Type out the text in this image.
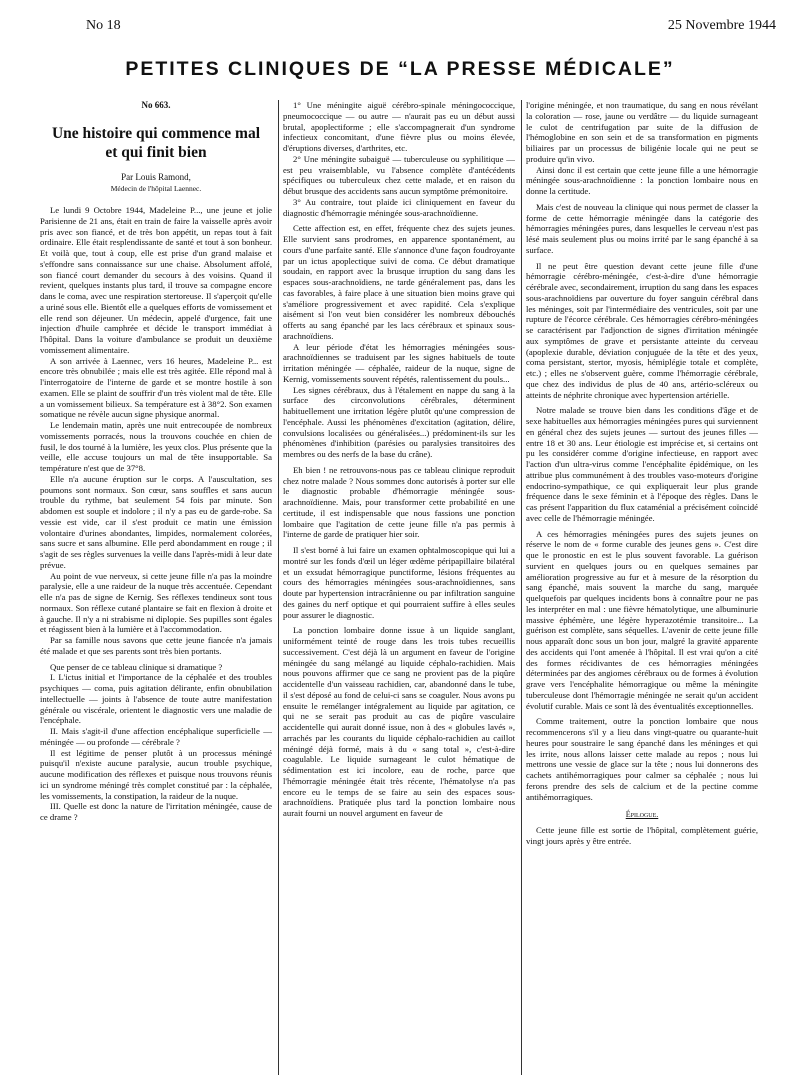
No 18	25 Novembre 1944
PETITES CLINIQUES DE “LA PRESSE MÉDICALE”
No 663.
Une histoire qui commence mal
et qui finit bien
Par Louis Ramond,
Médecin de l'hôpital Laennec.

Le lundi 9 Octobre 1944, Madeleine P..., une jeune et jolie Parisienne de 21 ans, était en train de faire la vaisselle après avoir pris avec son fiancé, et de très bon appétit, un repas tout à fait ordinaire. Elle était resplendissante de santé et tout à son bonheur. Et voilà que, tout à coup, elle est prise d'un grand malaise et s'effondre sans connaissance sur une chaise. Absolument affolé, son fiancé court demander du secours à des voisins. Quand il revient, quelques instants plus tard, il trouve sa compagne encore dans le coma, avec une respiration stertoreuse. Il s'aperçoit qu'elle a uriné sous elle. Bientôt elle a quelques efforts de vomissement et elle rend son déjeuner. Un médecin, appelé d'urgence, fait une injection d'huile camphrée et décide le transport immédiat à l'hôpital. Dans la voiture d'ambulance se produit un deuxième vomissement alimentaire.

A son arrivée à Laennec, vers 16 heures, Madeleine P... est encore très obnubilée ; mais elle est très agitée. Elle répond mal à l'interrogatoire de l'interne de garde et se montre hostile à son examen. Elle se plaint de souffrir d'un très violent mal de tête. Elle a un vomissement bilieux. Sa température est à 38°2. Son examen somatique ne révèle aucun signe physique anormal.

Le lendemain matin, après une nuit entrecoupée de nombreux vomissements porracés, nous la trouvons couchée en chien de fusil, le dos tourné à la lumière, les yeux clos. Plus présente que la veille, elle accuse toujours un mal de tête insupportable. Sa température n'est que de 37°8.

Elle n'a aucune éruption sur le corps. A l'auscultation, ses poumons sont normaux. Son cœur, sans souffles et sans aucun trouble du rythme, bat seulement 54 fois par minute. Son abdomen est souple et indolore ; il n'y a pas eu de garde-robe. Sa vessie est vide, car il s'est produit ce matin une émission volontaire d'urines abondantes, limpides, normalement colorées, sans sucre et sans albumine. Elle perd abondamment en rouge ; il s'agit de ses règles survenues la veille dans l'après-midi à leur date prévue.

Au point de vue nerveux, si cette jeune fille n'a pas la moindre paralysie, elle a une raideur de la nuque très accentuée. Cependant elle n'a pas de signe de Kernig. Ses réflexes tendineux sont tous normaux. Son réflexe cutané plantaire se fait en flexion à droite et à gauche. Il n'y a ni strabisme ni diplopie. Ses pupilles sont égales et réagissent bien à la lumière et à l'accommodation.

Par sa famille nous savons que cette jeune fiancée n'a jamais été malade et que ses parents sont très bien portants.

Que penser de ce tableau clinique si dramatique ?

I. L'ictus initial et l'importance de la céphalée et des troubles psychiques — coma, puis agitation délirante, enfin obnubilation intellectuelle — joints à l'absence de toute autre manifestation générale ou viscérale, orientent le diagnostic vers une maladie de l'encéphale.

II. Mais s'agit-il d'une affection encéphalique superficielle — méningée — ou profonde — cérébrale ?

Il est légitime de penser plutôt à un processus méningé puisqu'il n'existe aucune paralysie, aucun trouble psychique, aucune modification des réflexes et puisque nous trouvons réunis ici un syndrome méningé très complet constitué par : la céphalée, les vomissements, la constipation, la raideur de la nuque.

III. Quelle est donc la nature de l'irritation méningée, cause de ce drame ?

1° Une méningite aiguë cérébro-spinale méningococcique, pneumococcique — ou autre — n'aurait pas eu un début aussi brutal, apoplectiforme ; elle s'accompagnerait d'un syndrome infectieux concomitant, d'une fièvre plus ou moins élevée, d'éruptions diverses, d'arthrites, etc.

2° Une méningite subaiguë — tuberculeuse ou syphilitique — est peu vraisemblable, vu l'absence complète d'antécédents spécifiques ou tuberculeux chez cette malade, et en raison du début brusque des accidents sans aucun symptôme prémonitoire.

3° Au contraire, tout plaide ici cliniquement en faveur du diagnostic d'hémorragie méningée sous-arachnoïdienne.

Cette affection est, en effet, fréquente chez des sujets jeunes. Elle survient sans prodromes, en apparence spontanément, au cours d'une parfaite santé. Elle s'annonce d'une façon foudroyante par un ictus apoplectique suivi de coma. Ce début dramatique soudain, en rapport avec la brusque irruption du sang dans les espaces sous-arachnoïdiens, ne tarde généralement pas, dans les cas favorables, à faire place à une situation bien moins grave qui s'améliore progressivement et avec rapidité. Cela s'explique aisément si l'on veut bien considérer les nombreux débouchés offerts au sang épanché par les lacs cérébraux et spinaux sous-arachnoïdiens.

A leur période d'état les hémorragies méningées sous-arachnoïdiennes se traduisent par les signes habituels de toute irritation méningée — céphalée, raideur de la nuque, signe de Kernig, vomissements souvent répétés, ralentissement du pouls...

Les signes cérébraux, dus à l'étalement en nappe du sang à la surface des circonvolutions cérébrales, déterminent habituellement une irritation légère plutôt qu'une compression de l'encéphale. Aussi les phénomènes d'excitation (agitation, délire, convulsions localisées ou généralisées...) prédominent-ils sur les phénomènes d'inhibition (parésies ou paralysies transitoires des membres ou des nerfs de la base du crâne).

Eh bien ! ne retrouvons-nous pas ce tableau clinique reproduit chez notre malade ? Nous sommes donc autorisés à porter sur elle le diagnostic probable d'hémorragie méningée sous-arachnoïdienne. Mais, pour transformer cette probabilité en une certitude, il est indispensable que nous fassions une ponction lombaire que l'agitation de cette jeune fille n'a pas permis à l'interne de garde de pratiquer hier soir.

Il s'est borné à lui faire un examen ophtalmoscopique qui lui a montré sur les fonds d'œil un léger œdème péripapillaire bilatéral et un exsudat hémorragique punctiforme, lésions fréquentes au cours des hémorragies méningées sous-arachnoïdiennes, sans doute par hypertension intracrânienne ou par infiltration sanguine des gaines du nerf optique et qui pourraient suffire à elles seules pour assurer le diagnostic.

La ponction lombaire donne issue à un liquide sanglant, uniformément teinté de rouge dans les trois tubes recueillis successivement. C'est déjà là un argument en faveur de l'origine méningée du sang mélangé au liquide céphalo-rachidien. Mais nous pouvons affirmer que ce sang ne provient pas de la piqûre accidentelle d'un vaisseau rachidien, car, abandonné dans le tube, il s'est déposé au fond de celui-ci sans se coaguler. Nous avons pu ensuite le remélanger intégralement au liquide par agitation, ce qui ne se serait pas produit au cas de piqûre vasculaire accidentelle qui aurait donné issue, non à des « globules lavés », arrachés par les courants du liquide céphalo-rachidien au caillot méningé déjà formé, mais à du « sang total », c'est-à-dire coagulable. Le liquide surnageant le culot hématique de sédimentation est ici incolore, eau de roche, parce que l'hémorragie méningée était très récente, l'hématolyse n'a pas encore eu le temps de se faire au sein des espaces sous-arachnoïdiens. Pratiquée plus tard la ponction lombaire nous aurait fourni un nouvel argument en faveur de

l'origine méningée, et non traumatique, du sang en nous révélant la coloration — rose, jaune ou verdâtre — du liquide surnageant le culot de centrifugation par suite de la diffusion de l'hémoglobine en son sein et de sa transformation en pigments biliaires par un processus de biligénie locale qui ne peut se produire qu'in vivo.

Ainsi donc il est certain que cette jeune fille a une hémorragie méningée sous-arachnoïdienne : la ponction lombaire nous en donne la certitude.

Mais c'est de nouveau la clinique qui nous permet de classer la forme de cette hémorragie méningée dans la catégorie des hémorragies méningées pures, dans lesquelles le cerveau n'est pas lésé mais seulement plus ou moins irrité par le sang épanché à sa surface.

Il ne peut être question devant cette jeune fille d'une hémorragie cérébro-méningée, c'est-à-dire d'une hémorragie cérébrale avec, secondairement, irruption du sang dans les espaces sous-arachnoïdiens par ouverture du foyer sanguin cérébral dans les méninges, soit par l'intermédiaire des ventricules, soit par une rupture de l'écorce cérébrale. Ces hémorragies cérébro-méningées se caractérisent par l'adjonction de signes d'irritation méningée aux symptômes de grave et persistante atteinte du cerveau (apoplexie durable, déviation conjuguée de la tête et des yeux, coma persistant, stertor, myosis, hémiplégie totale et complète, etc.) ; elles ne s'observent guère, comme l'hémorragie cérébrale, que chez des individus de plus de 40 ans, artério-scléreux ou atteints de néphrite chronique avec hypertension artérielle.

Notre malade se trouve bien dans les conditions d'âge et de sexe habituelles aux hémorragies méningées pures qui surviennent en général chez des sujets jeunes — surtout des jeunes filles — entre 18 et 30 ans. Leur étiologie est imprécise et, si certains ont pu les considérer comme d'origine infectieuse, en rapport avec l'action d'un ultra-virus comme l'encéphalite épidémique, on les attribue plus communément à des troubles vaso-moteurs d'origine endocrino-sympathique, ce qui expliquerait leur plus grande fréquence dans le sexe féminin et à l'époque des règles. Dans le cas présent l'apparition du flux cataménial a précisément coïncidé avec celle de l'hémorragie méningée.

A ces hémorragies méningées pures des sujets jeunes on réserve le nom de « forme curable des jeunes gens ». C'est dire que le pronostic en est le plus souvent favorable. La guérison survient en quelques jours ou en quelques semaines par amélioration progressive au fur et à mesure de la résorption du sang épanché, mais souvent la marche du sang, marquée quelquefois par quelques incidents bons à connaître pour ne pas les interpréter en mal : une fièvre hématolytique, une albuminurie massive éphémère, une légère hyperazotémie transitoire... La guérison est complète, sans séquelles. L'avenir de cette jeune fille nous apparaît donc sous un bon jour, malgré la gravité apparente des accidents qui l'ont amenée à l'hôpital. Il est vrai qu'on a cité des formes récidivantes de ces hémorragies méningées déterminées par des angiomes cérébraux ou de formes à évolution grave vers l'encéphalite hémorragique ou même la méningite tuberculeuse dont l'hémorragie méningée ne serait qu'un accident évolutif curable. Mais ce sont là des éventualités exceptionnelles.

Comme traitement, outre la ponction lombaire que nous recommencerons s'il y a lieu dans vingt-quatre ou quarante-huit heures pour soustraire le sang épanché dans les méninges et qui les irrite, nous allons laisser cette malade au repos ; nous lui mettrons une vessie de glace sur la tête ; nous lui donnerons des cachets antihémorragiques pour calmer sa céphalée ; nous lui ferons prendre des sels de calcium et de la pectine comme antihémorragiques.

Épilogue.

Cette jeune fille est sortie de l'hôpital, complètement guérie, vingt jours après y être entrée.
